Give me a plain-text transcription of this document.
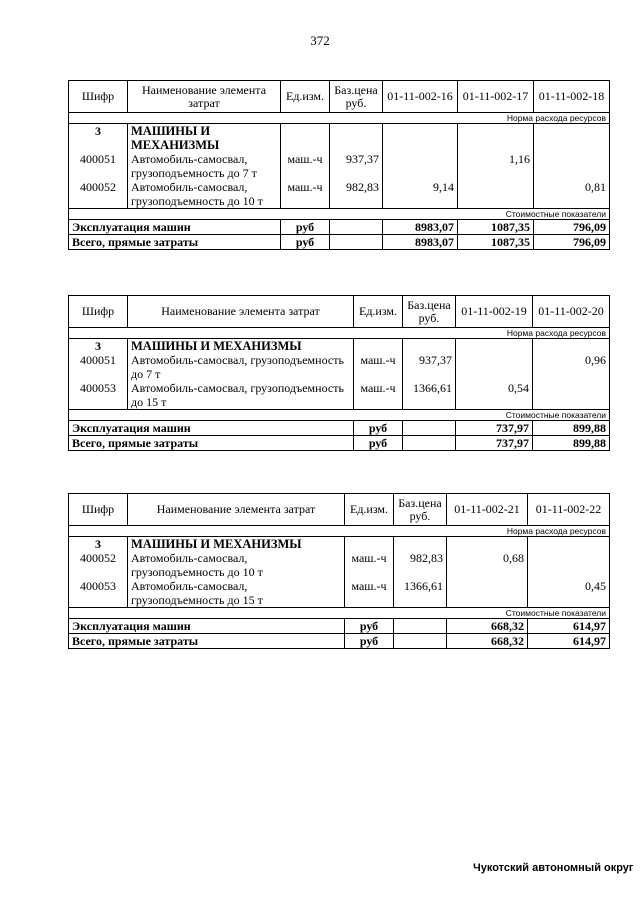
372
Шифр	Наименование элемента затрат	Ед.изм.	Баз.цена руб.	01-11-002-16	01-11-002-17	01-11-002-18
Норма расхода ресурсов						
3	МАШИНЫ И МЕХАНИЗМЫ					
400051	Автомобиль-самосвал, грузоподъемность до 7 т	маш.-ч	937,37		1,16	
400052	Автомобиль-самосвал, грузоподъемность до 10 т	маш.-ч	982,83	9,14		0,81
Стоимостные показатели						
Эксплуатация машин		руб		8983,07	1087,35	796,09
Всего, прямые затраты		руб		8983,07	1087,35	796,09
Шифр	Наименование элемента затрат	Ед.изм.	Баз.цена руб.	01-11-002-19	01-11-002-20
Норма расхода ресурсов					
3	МАШИНЫ И МЕХАНИЗМЫ				
400051	Автомобиль-самосвал, грузоподъемность до 7 т	маш.-ч	937,37		0,96
400053	Автомобиль-самосвал, грузоподъемность до 15 т	маш.-ч	1366,61	0,54	
Стоимостные показатели					
Эксплуатация машин		руб		737,97	899,88
Всего, прямые затраты		руб		737,97	899,88
Шифр	Наименование элемента затрат	Ед.изм.	Баз.цена руб.	01-11-002-21	01-11-002-22
Норма расхода ресурсов					
3	МАШИНЫ И МЕХАНИЗМЫ				
400052	Автомобиль-самосвал, грузоподъемность до 10 т	маш.-ч	982,83	0,68	
400053	Автомобиль-самосвал, грузоподъемность до 15 т	маш.-ч	1366,61		0,45
Стоимостные показатели					
Эксплуатация машин		руб		668,32	614,97
Всего, прямые затраты		руб		668,32	614,97
Чукотский автономный округ
